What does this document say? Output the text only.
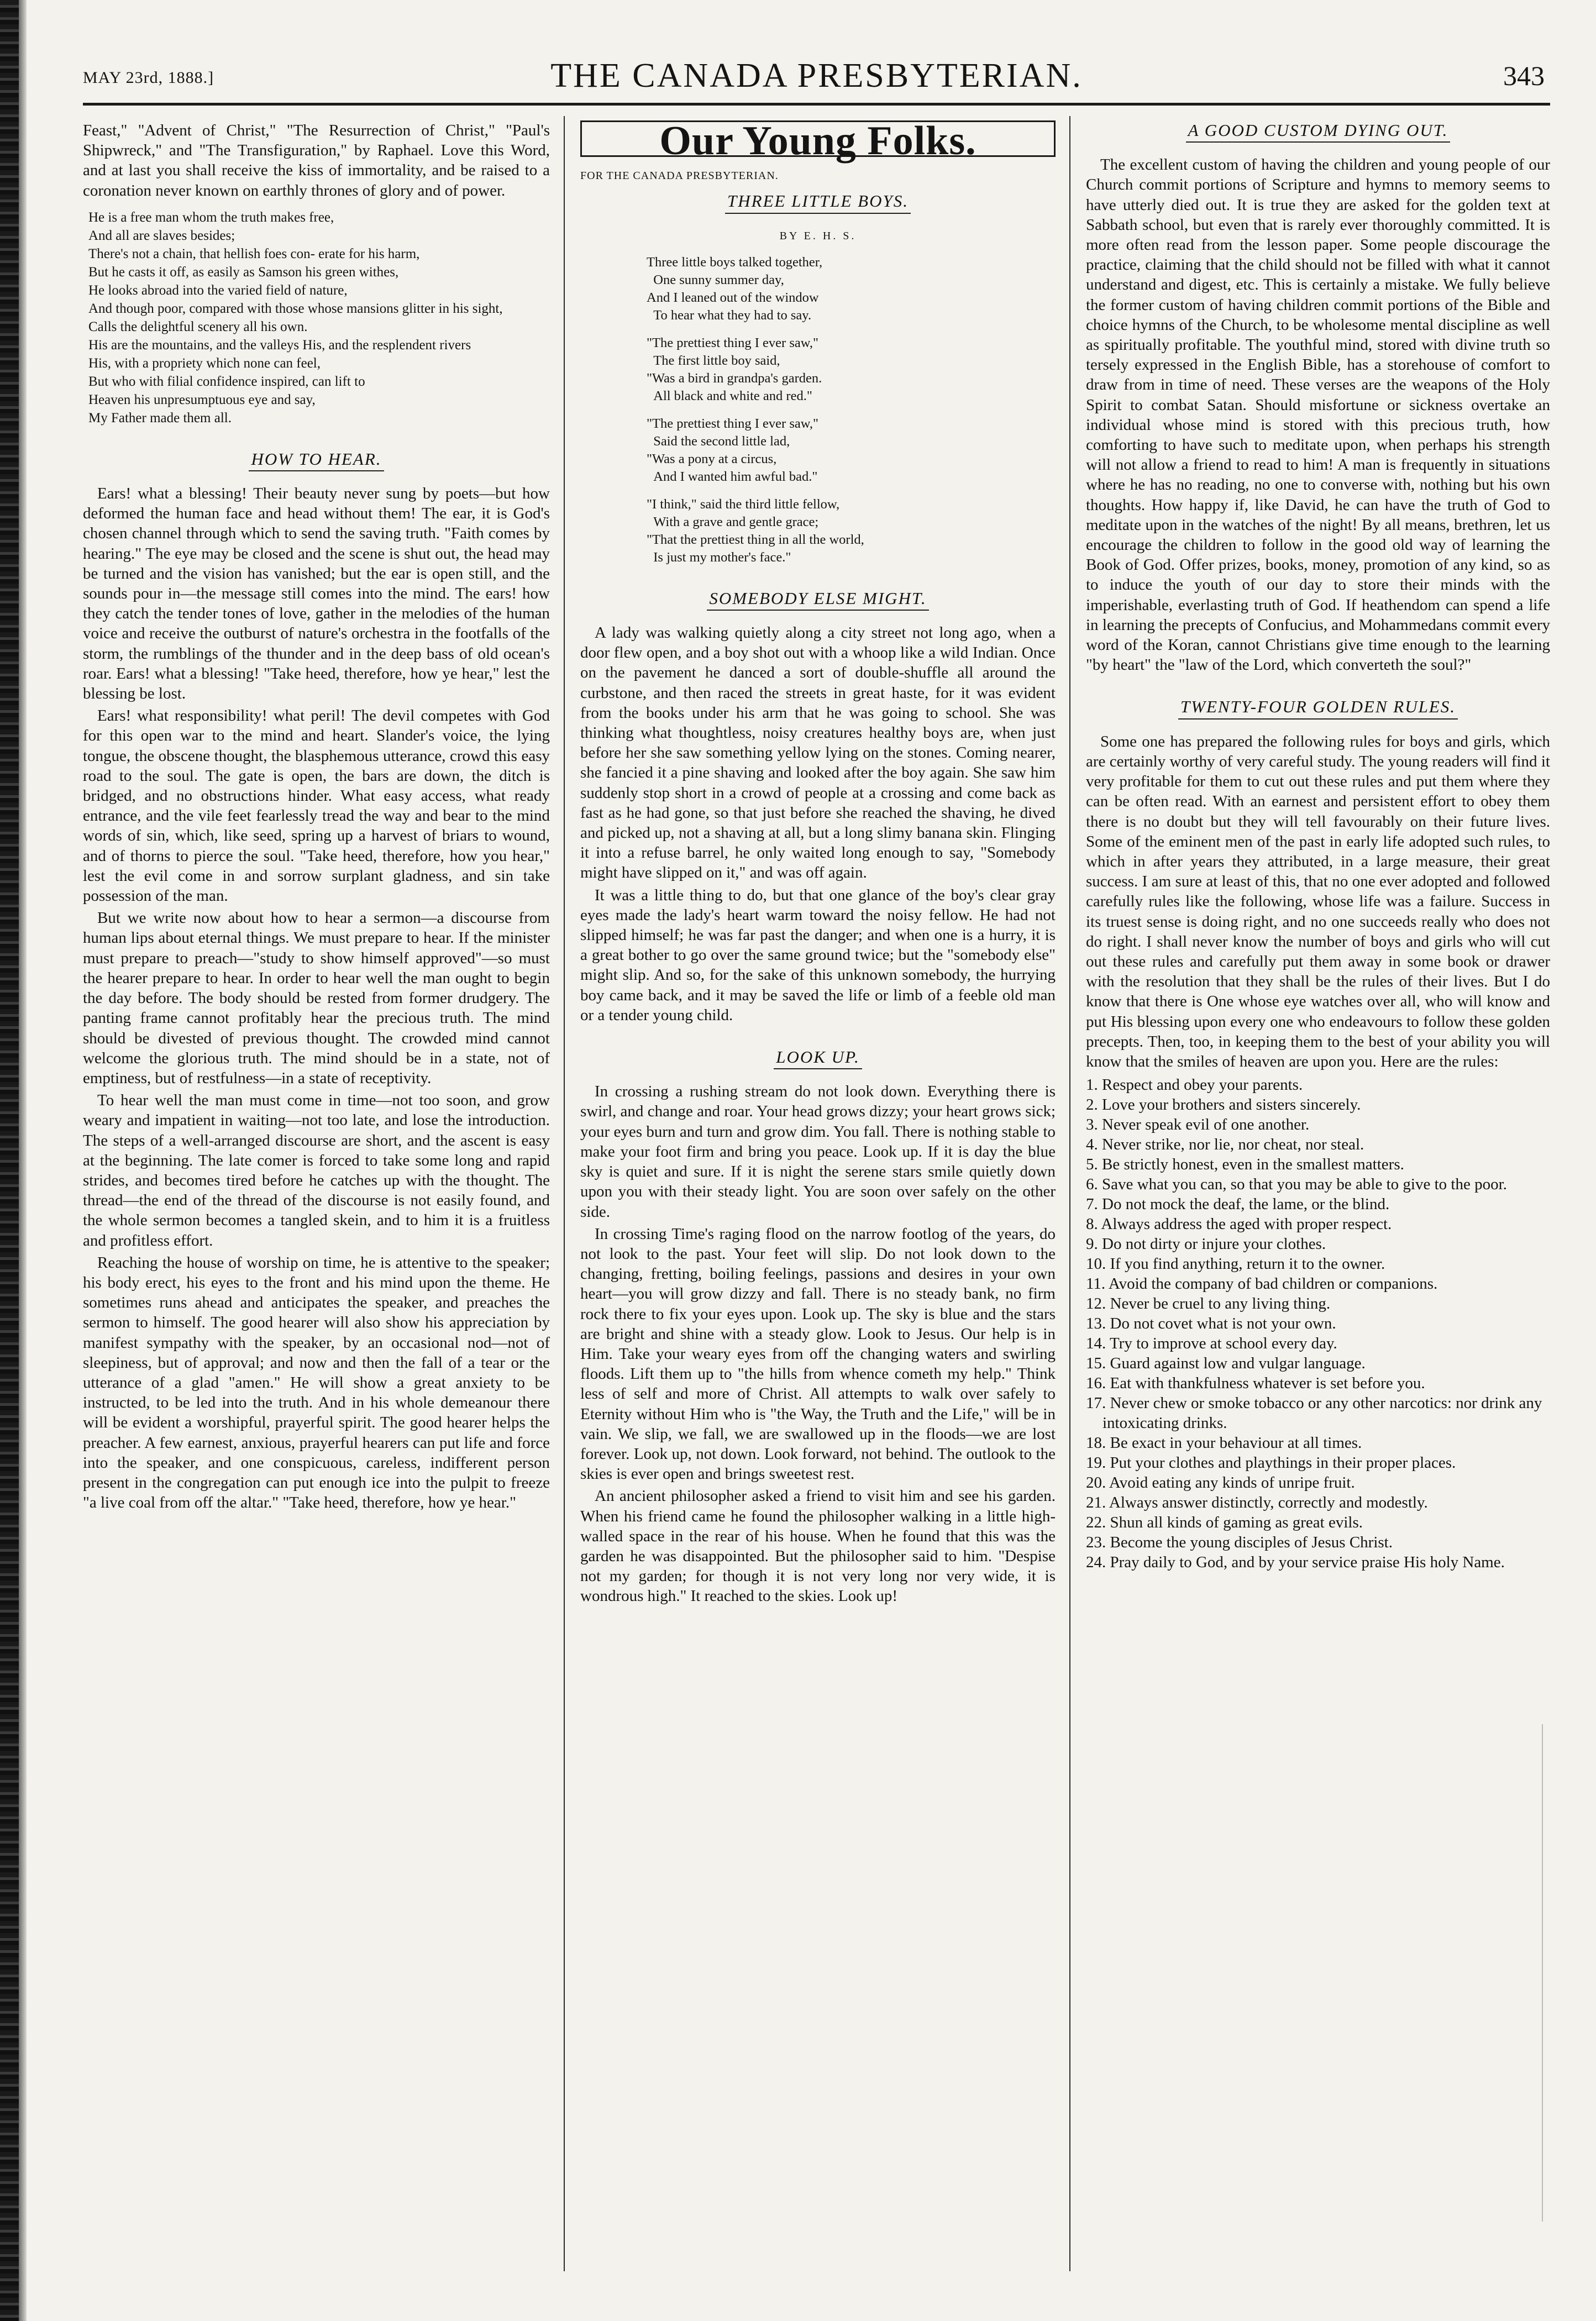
MAY 23rd, 1888.]	THE CANADA PRESBYTERIAN.	343

Feast," "Advent of Christ," "The Resurrection of Christ," "Paul's Shipwreck," and "The Transfiguration," by Raphael. Love this Word, and at last you shall receive the kiss of immortality, and be raised to a coronation never known on earthly thrones of glory and of power.

He is a free man whom the truth makes free,
And all are slaves besides;
There's not a chain, that hellish foes con- erate for his harm,
But he casts it off, as easily as Samson his green withes,
He looks abroad into the varied field of nature,
And though poor, compared with those whose mansions glitter in his sight,
Calls the delightful scenery all his own.
His are the mountains, and the valleys His, and the resplendent rivers
His, with a propriety which none can feel,
But who with filial confidence inspired, can lift to
Heaven his unpresumptuous eye and say,
My Father made them all.
HOW TO HEAR.

Ears! what a blessing! Their beauty never sung by poets—but how deformed the human face and head without them! The ear, it is God's chosen channel through which to send the saving truth. "Faith comes by hearing." The eye may be closed and the scene is shut out, the head may be turned and the vision has vanished; but the ear is open still, and the sounds pour in—the message still comes into the mind. The ears! how they catch the tender tones of love, gather in the melodies of the human voice and receive the outburst of nature's orchestra in the footfalls of the storm, the rumblings of the thunder and in the deep bass of old ocean's roar. Ears! what a blessing! "Take heed, therefore, how ye hear," lest the blessing be lost.

Ears! what responsibility! what peril! The devil competes with God for this open war to the mind and heart. Slander's voice, the lying tongue, the obscene thought, the blasphemous utterance, crowd this easy road to the soul. The gate is open, the bars are down, the ditch is bridged, and no obstructions hinder. What easy access, what ready entrance, and the vile feet fearlessly tread the way and bear to the mind words of sin, which, like seed, spring up a harvest of briars to wound, and of thorns to pierce the soul. "Take heed, therefore, how you hear," lest the evil come in and sorrow surplant gladness, and sin take possession of the man.

But we write now about how to hear a sermon—a discourse from human lips about eternal things. We must prepare to hear. If the minister must prepare to preach—"study to show himself approved"—so must the hearer prepare to hear. In order to hear well the man ought to begin the day before. The body should be rested from former drudgery. The panting frame cannot profitably hear the precious truth. The mind should be divested of previous thought. The crowded mind cannot welcome the glorious truth. The mind should be in a state, not of emptiness, but of restfulness—in a state of receptivity.

To hear well the man must come in time—not too soon, and grow weary and impatient in waiting—not too late, and lose the introduction. The steps of a well-arranged discourse are short, and the ascent is easy at the beginning. The late comer is forced to take some long and rapid strides, and becomes tired before he catches up with the thought. The thread—the end of the thread of the discourse is not easily found, and the whole sermon becomes a tangled skein, and to him it is a fruitless and profitless effort.

Reaching the house of worship on time, he is attentive to the speaker; his body erect, his eyes to the front and his mind upon the theme. He sometimes runs ahead and anticipates the speaker, and preaches the sermon to himself. The good hearer will also show his appreciation by manifest sympathy with the speaker, by an occasional nod—not of sleepiness, but of approval; and now and then the fall of a tear or the utterance of a glad "amen." He will show a great anxiety to be instructed, to be led into the truth. And in his whole demeanour there will be evident a worshipful, prayerful spirit. The good hearer helps the preacher. A few earnest, anxious, prayerful hearers can put life and force into the speaker, and one conspicuous, careless, indifferent person present in the congregation can put enough ice into the pulpit to freeze "a live coal from off the altar." "Take heed, therefore, how ye hear."

Our Young Folks.
FOR THE CANADA PRESBYTERIAN.
THREE LITTLE BOYS.
BY E. H. S.
Three little boys talked together,
One sunny summer day,
And I leaned out of the window
To hear what they had to say.
"The prettiest thing I ever saw,"
The first little boy said,
"Was a bird in grandpa's garden.
All black and white and red."
"The prettiest thing I ever saw,"
Said the second little lad,
"Was a pony at a circus,
And I wanted him awful bad."
"I think," said the third little fellow,
With a grave and gentle grace;
"That the prettiest thing in all the world,
Is just my mother's face."
SOMEBODY ELSE MIGHT.

A lady was walking quietly along a city street not long ago, when a door flew open, and a boy shot out with a whoop like a wild Indian. Once on the pavement he danced a sort of double-shuffle all around the curbstone, and then raced the streets in great haste, for it was evident from the books under his arm that he was going to school. She was thinking what thoughtless, noisy creatures healthy boys are, when just before her she saw something yellow lying on the stones. Coming nearer, she fancied it a pine shaving and looked after the boy again. She saw him suddenly stop short in a crowd of people at a crossing and come back as fast as he had gone, so that just before she reached the shaving, he dived and picked up, not a shaving at all, but a long slimy banana skin. Flinging it into a refuse barrel, he only waited long enough to say, "Somebody might have slipped on it," and was off again.

It was a little thing to do, but that one glance of the boy's clear gray eyes made the lady's heart warm toward the noisy fellow. He had not slipped himself; he was far past the danger; and when one is a hurry, it is a great bother to go over the same ground twice; but the "somebody else" might slip. And so, for the sake of this unknown somebody, the hurrying boy came back, and it may be saved the life or limb of a feeble old man or a tender young child.

LOOK UP.

In crossing a rushing stream do not look down. Everything there is swirl, and change and roar. Your head grows dizzy; your heart grows sick; your eyes burn and turn and grow dim. You fall. There is nothing stable to make your foot firm and bring you peace. Look up. If it is day the blue sky is quiet and sure. If it is night the serene stars smile quietly down upon you with their steady light. You are soon over safely on the other side.

In crossing Time's raging flood on the narrow footlog of the years, do not look to the past. Your feet will slip. Do not look down to the changing, fretting, boiling feelings, passions and desires in your own heart—you will grow dizzy and fall. There is no steady bank, no firm rock there to fix your eyes upon. Look up. The sky is blue and the stars are bright and shine with a steady glow. Look to Jesus. Our help is in Him. Take your weary eyes from off the changing waters and swirling floods. Lift them up to "the hills from whence cometh my help." Think less of self and more of Christ. All attempts to walk over safely to Eternity without Him who is "the Way, the Truth and the Life," will be in vain. We slip, we fall, we are swallowed up in the floods—we are lost forever. Look up, not down. Look forward, not behind. The outlook to the skies is ever open and brings sweetest rest.

An ancient philosopher asked a friend to visit him and see his garden. When his friend came he found the philosopher walking in a little high-walled space in the rear of his house. When he found that this was the garden he was disappointed. But the philosopher said to him. "Despise not my garden; for though it is not very long nor very wide, it is wondrous high." It reached to the skies. Look up!

A GOOD CUSTOM DYING OUT.

The excellent custom of having the children and young people of our Church commit portions of Scripture and hymns to memory seems to have utterly died out. It is true they are asked for the golden text at Sabbath school, but even that is rarely ever thoroughly committed. It is more often read from the lesson paper. Some people discourage the practice, claiming that the child should not be filled with what it cannot understand and digest, etc. This is certainly a mistake. We fully believe the former custom of having children commit portions of the Bible and choice hymns of the Church, to be wholesome mental discipline as well as spiritually profitable. The youthful mind, stored with divine truth so tersely expressed in the English Bible, has a storehouse of comfort to draw from in time of need. These verses are the weapons of the Holy Spirit to combat Satan. Should misfortune or sickness overtake an individual whose mind is stored with this precious truth, how comforting to have such to meditate upon, when perhaps his strength will not allow a friend to read to him! A man is frequently in situations where he has no reading, no one to converse with, nothing but his own thoughts. How happy if, like David, he can have the truth of God to meditate upon in the watches of the night! By all means, brethren, let us encourage the children to follow in the good old way of learning the Book of God. Offer prizes, books, money, promotion of any kind, so as to induce the youth of our day to store their minds with the imperishable, everlasting truth of God. If heathendom can spend a life in learning the precepts of Confucius, and Mohammedans commit every word of the Koran, cannot Christians give time enough to the learning "by heart" the "law of the Lord, which converteth the soul?"

TWENTY-FOUR GOLDEN RULES.

Some one has prepared the following rules for boys and girls, which are certainly worthy of very careful study. The young readers will find it very profitable for them to cut out these rules and put them where they can be often read. With an earnest and persistent effort to obey them there is no doubt but they will tell favourably on their future lives. Some of the eminent men of the past in early life adopted such rules, to which in after years they attributed, in a large measure, their great success. I am sure at least of this, that no one ever adopted and followed carefully rules like the following, whose life was a failure. Success in its truest sense is doing right, and no one succeeds really who does not do right. I shall never know the number of boys and girls who will cut out these rules and carefully put them away in some book or drawer with the resolution that they shall be the rules of their lives. But I do know that there is One whose eye watches over all, who will know and put His blessing upon every one who endeavours to follow these golden precepts. Then, too, in keeping them to the best of your ability you will know that the smiles of heaven are upon you. Here are the rules:

1. Respect and obey your parents.
2. Love your brothers and sisters sincerely.
3. Never speak evil of one another.
4. Never strike, nor lie, nor cheat, nor steal.
5. Be strictly honest, even in the smallest matters.
6. Save what you can, so that you may be able to give to the poor.
7. Do not mock the deaf, the lame, or the blind.
8. Always address the aged with proper respect.
9. Do not dirty or injure your clothes.
10. If you find anything, return it to the owner.
11. Avoid the company of bad children or companions.
12. Never be cruel to any living thing.
13. Do not covet what is not your own.
14. Try to improve at school every day.
15. Guard against low and vulgar language.
16. Eat with thankfulness whatever is set before you.
17. Never chew or smoke tobacco or any other narcotics: nor drink any intoxicating drinks.
18. Be exact in your behaviour at all times.
19. Put your clothes and playthings in their proper places.
20. Avoid eating any kinds of unripe fruit.
21. Always answer distinctly, correctly and modestly.
22. Shun all kinds of gaming as great evils.
23. Become the young disciples of Jesus Christ.
24. Pray daily to God, and by your service praise His holy Name.
